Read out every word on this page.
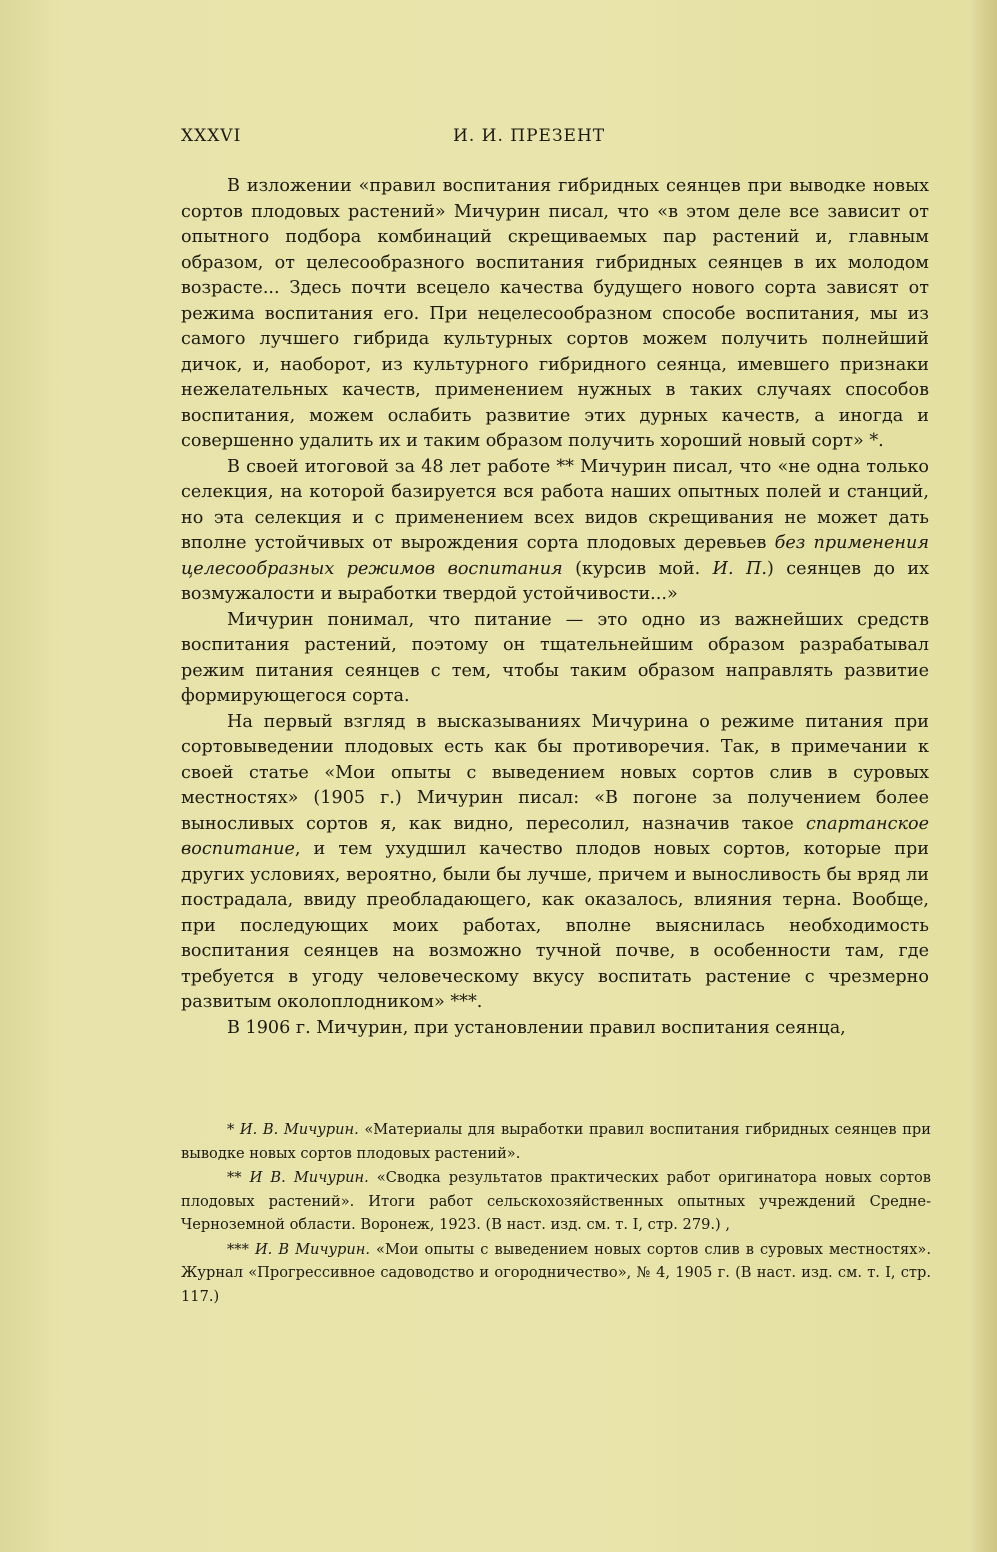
XXXVI	И. И. ПРЕЗЕНТ

В изложении «правил воспитания гибридных сеянцев при выводке новых сортов плодовых растений» Мичурин писал, что «в этом деле все зависит от опытного подбора комбинаций скрещиваемых пар растений и, главным образом, от целесообразного воспитания гибридных сеянцев в их молодом возрасте... Здесь почти всецело качества будущего нового сорта зависят от режима воспитания его. При нецелесообразном способе воспитания, мы из самого лучшего гибрида культурных сортов можем получить полнейший дичок, и, наоборот, из культурного гибридного сеянца, имевшего признаки нежелательных качеств, применением нужных в таких случаях способов воспитания, можем ослабить развитие этих дурных качеств, а иногда и совершенно удалить их и таким образом получить хороший новый сорт» *.

В своей итоговой за 48 лет работе ** Мичурин писал, что «не одна только селекция, на которой базируется вся работа наших опытных полей и станций, но эта селекция и с применением всех видов скрещивания не может дать вполне устойчивых от вырождения сорта плодовых деревьев без применения целесообразных режимов воспитания (курсив мой. И. П.) сеянцев до их возмужалости и выработки твердой устойчивости...»

Мичурин понимал, что питание — это одно из важнейших средств воспитания растений, поэтому он тщательнейшим образом разрабатывал режим питания сеянцев с тем, чтобы таким образом направлять развитие формирующегося сорта.

На первый взгляд в высказываниях Мичурина о режиме питания при сортовыведении плодовых есть как бы противоречия. Так, в примечании к своей статье «Мои опыты с выведением новых сортов слив в суровых местностях» (1905 г.) Мичурин писал: «В погоне за получением более выносливых сортов я, как видно, пересолил, назначив такое спартанское воспитание, и тем ухудшил качество плодов новых сортов, которые при других условиях, вероятно, были бы лучше, причем и выносливость бы вряд ли пострадала, ввиду преобладающего, как оказалось, влияния терна. Вообще, при последующих моих работах, вполне выяснилась необходимость воспитания сеянцев на возможно тучной почве, в особенности там, где требуется в угоду человеческому вкусу воспитать растение с чрезмерно развитым околоплодником» ***.

В 1906 г. Мичурин, при установлении правил воспитания сеянца,

* И. В. Мичурин. «Материалы для выработки правил воспитания гибридных сеянцев при выводке новых сортов плодовых растений».

** И В. Мичурин. «Сводка результатов практических работ оригинатора новых сортов плодовых растений». Итоги работ сельскохозяйственных опытных учреждений Средне-Черноземной области. Воронеж, 1923. (В наст. изд. см. т. I, стр. 279.) ,

*** И. В Мичурин. «Мои опыты с выведением новых сортов слив в суровых местностях». Журнал «Прогрессивное садоводство и огородничество», № 4, 1905 г. (В наст. изд. см. т. I, стр. 117.)
